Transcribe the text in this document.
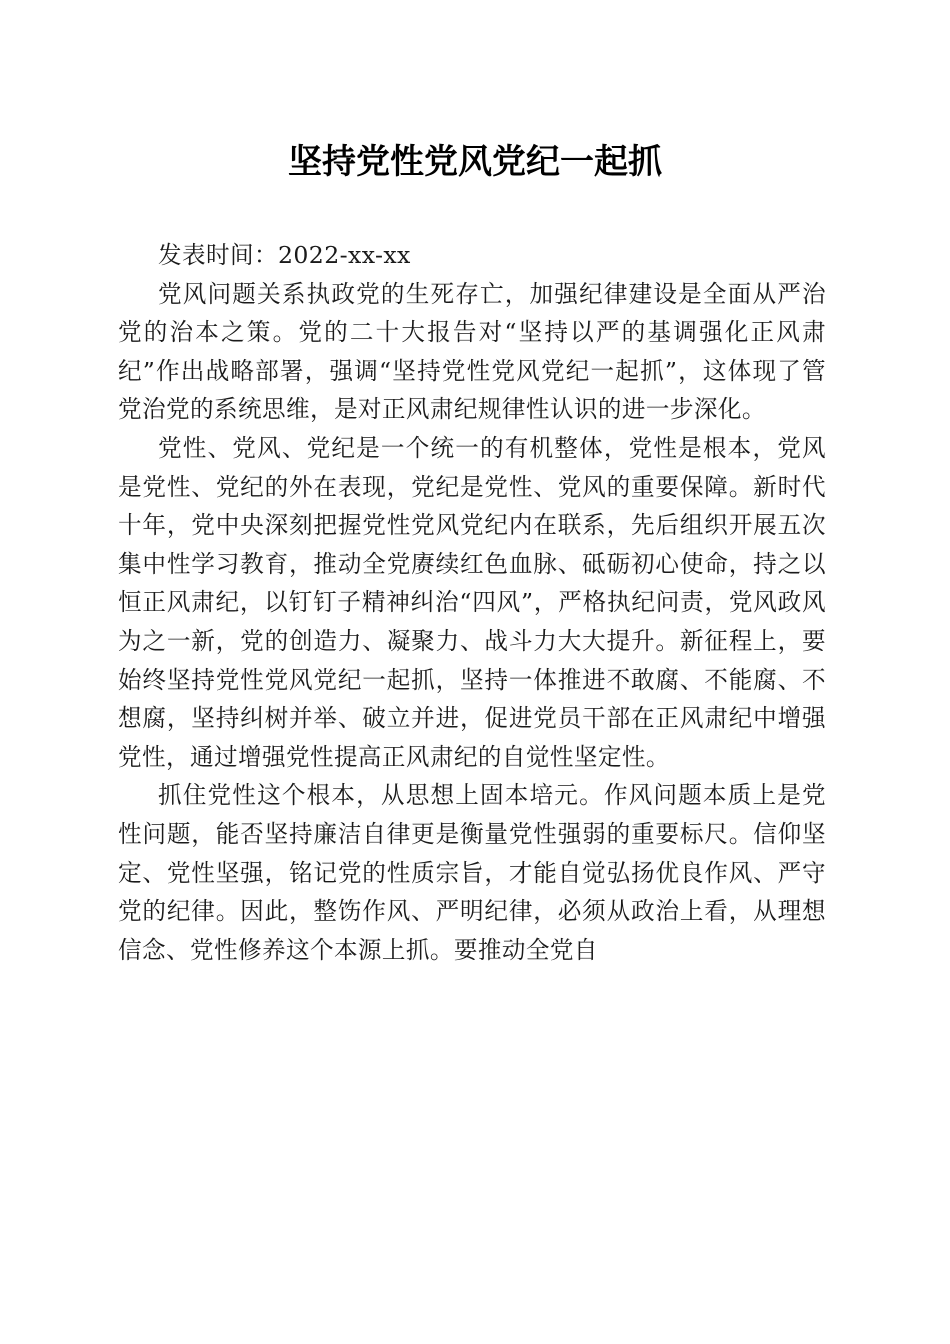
坚持党性党风党纪一起抓

发表时间：2022-xx-xx

党风问题关系执政党的生死存亡，加强纪律建设是全面从严治党的治本之策。党的二十大报告对“坚持以严的基调强化正风肃纪”作出战略部署，强调“坚持党性党风党纪一起抓”，这体现了管党治党的系统思维，是对正风肃纪规律性认识的进一步深化。

党性、党风、党纪是一个统一的有机整体，党性是根本，党风是党性、党纪的外在表现，党纪是党性、党风的重要保障。新时代十年，党中央深刻把握党性党风党纪内在联系，先后组织开展五次集中性学习教育，推动全党赓续红色血脉、砥砺初心使命，持之以恒正风肃纪，以钉钉子精神纠治“四风”，严格执纪问责，党风政风为之一新，党的创造力、凝聚力、战斗力大大提升。新征程上，要始终坚持党性党风党纪一起抓，坚持一体推进不敢腐、不能腐、不想腐，坚持纠树并举、破立并进，促进党员干部在正风肃纪中增强党性，通过增强党性提高正风肃纪的自觉性坚定性。

抓住党性这个根本，从思想上固本培元。作风问题本质上是党性问题，能否坚持廉洁自律更是衡量党性强弱的重要标尺。信仰坚定、党性坚强，铭记党的性质宗旨，才能自觉弘扬优良作风、严守党的纪律。因此，整饬作风、严明纪律，必须从政治上看，从理想信念、党性修养这个本源上抓。要推动全党自
